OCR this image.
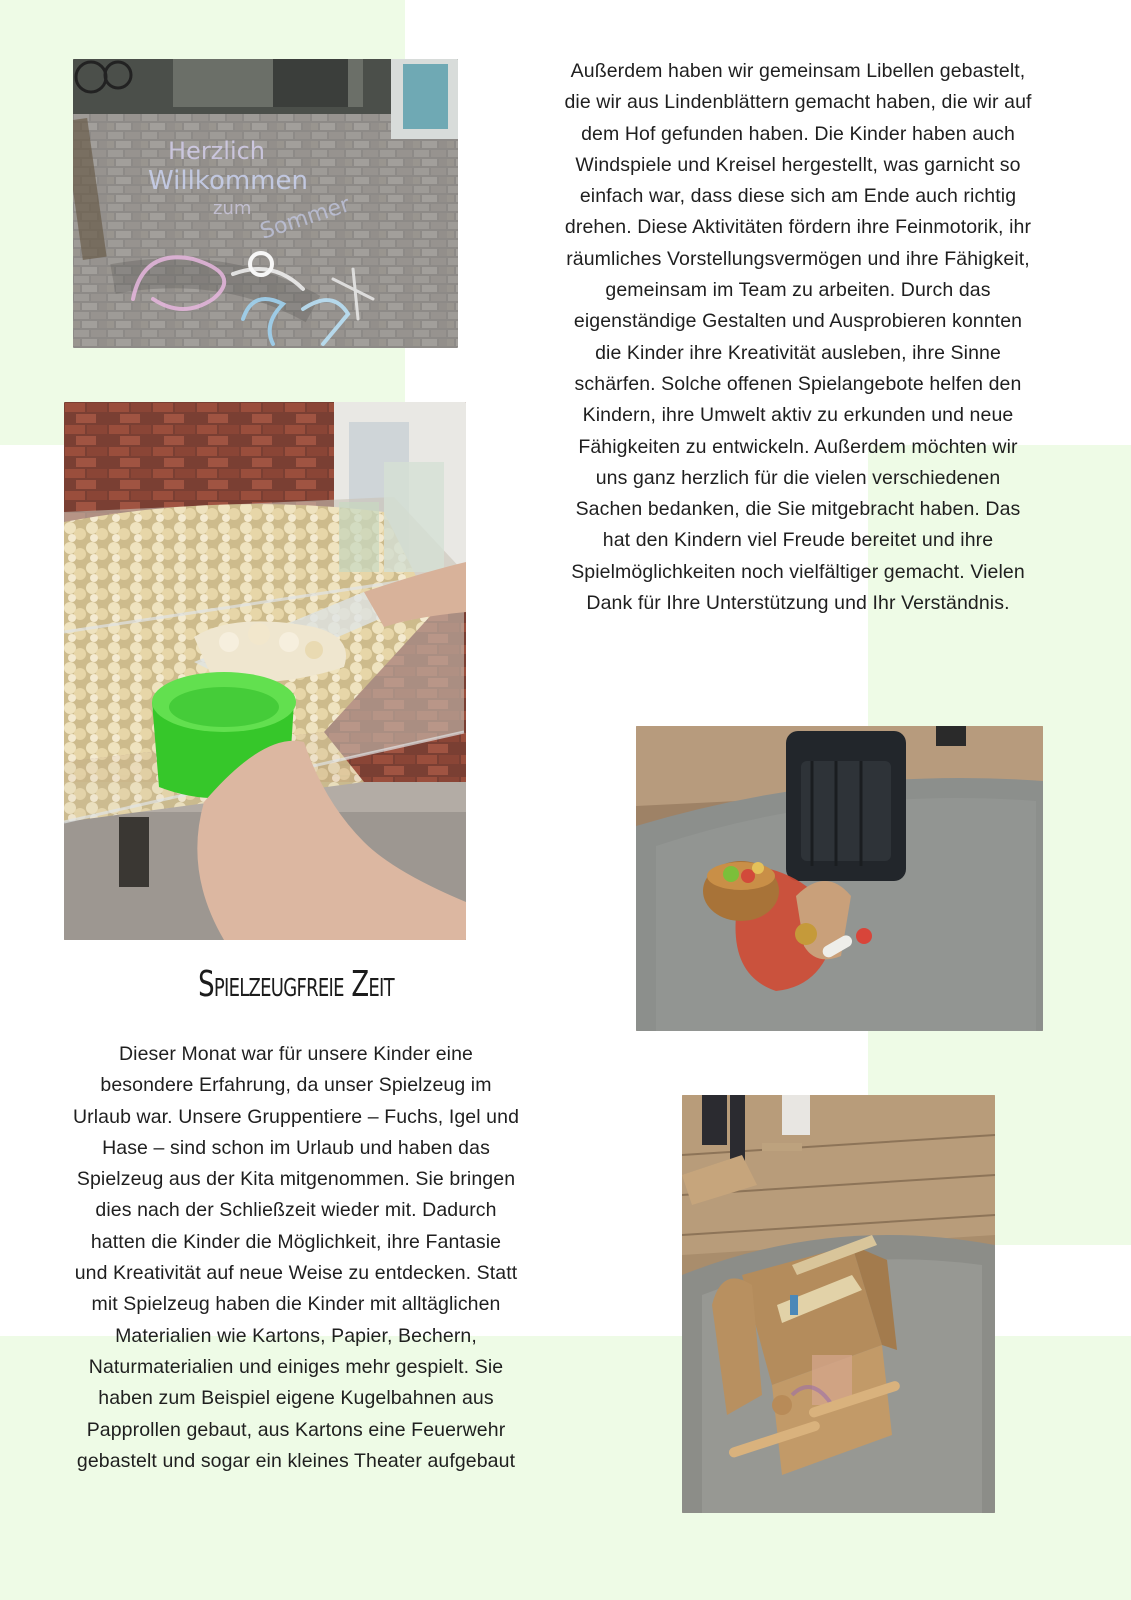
Herzlich
Willkommen
zum Sommer
Außerdem haben wir gemeinsam Libellen gebastelt, die wir aus Lindenblättern gemacht haben, die wir auf dem Hof gefunden haben. Die Kinder haben auch Windspiele und Kreisel hergestellt, was garnicht so einfach war, dass diese sich am Ende auch richtig drehen. Diese Aktivitäten fördern ihre Feinmotorik, ihr räumliches Vorstellungsvermögen und ihre Fähigkeit, gemeinsam im Team zu arbeiten. Durch das eigenständige Gestalten und Ausprobieren konnten die Kinder ihre Kreativität ausleben, ihre Sinne schärfen. Solche offenen Spielangebote helfen den Kindern, ihre Umwelt aktiv zu erkunden und neue Fähigkeiten zu entwickeln. Außerdem möchten wir uns ganz herzlich für die vielen verschiedenen Sachen bedanken, die Sie mitgebracht haben. Das hat den Kindern viel Freude bereitet und ihre Spielmöglichkeiten noch vielfältiger gemacht. Vielen Dank für Ihre Unterstützung und Ihr Verständnis.
Spielzeugfreie Zeit
Dieser Monat war für unsere Kinder eine besondere Erfahrung, da unser Spielzeug im Urlaub war. Unsere Gruppentiere – Fuchs, Igel und Hase – sind schon im Urlaub und haben das Spielzeug aus der Kita mitgenommen. Sie bringen dies nach der Schließzeit wieder mit. Dadurch hatten die Kinder die Möglichkeit, ihre Fantasie und Kreativität auf neue Weise zu entdecken. Statt mit Spielzeug haben die Kinder mit alltäglichen Materialien wie Kartons, Papier, Bechern, Naturmaterialien und einiges mehr gespielt. Sie haben zum Beispiel eigene Kugelbahnen aus Papprollen gebaut, aus Kartons eine Feuerwehr gebastelt und sogar ein kleines Theater aufgebaut
